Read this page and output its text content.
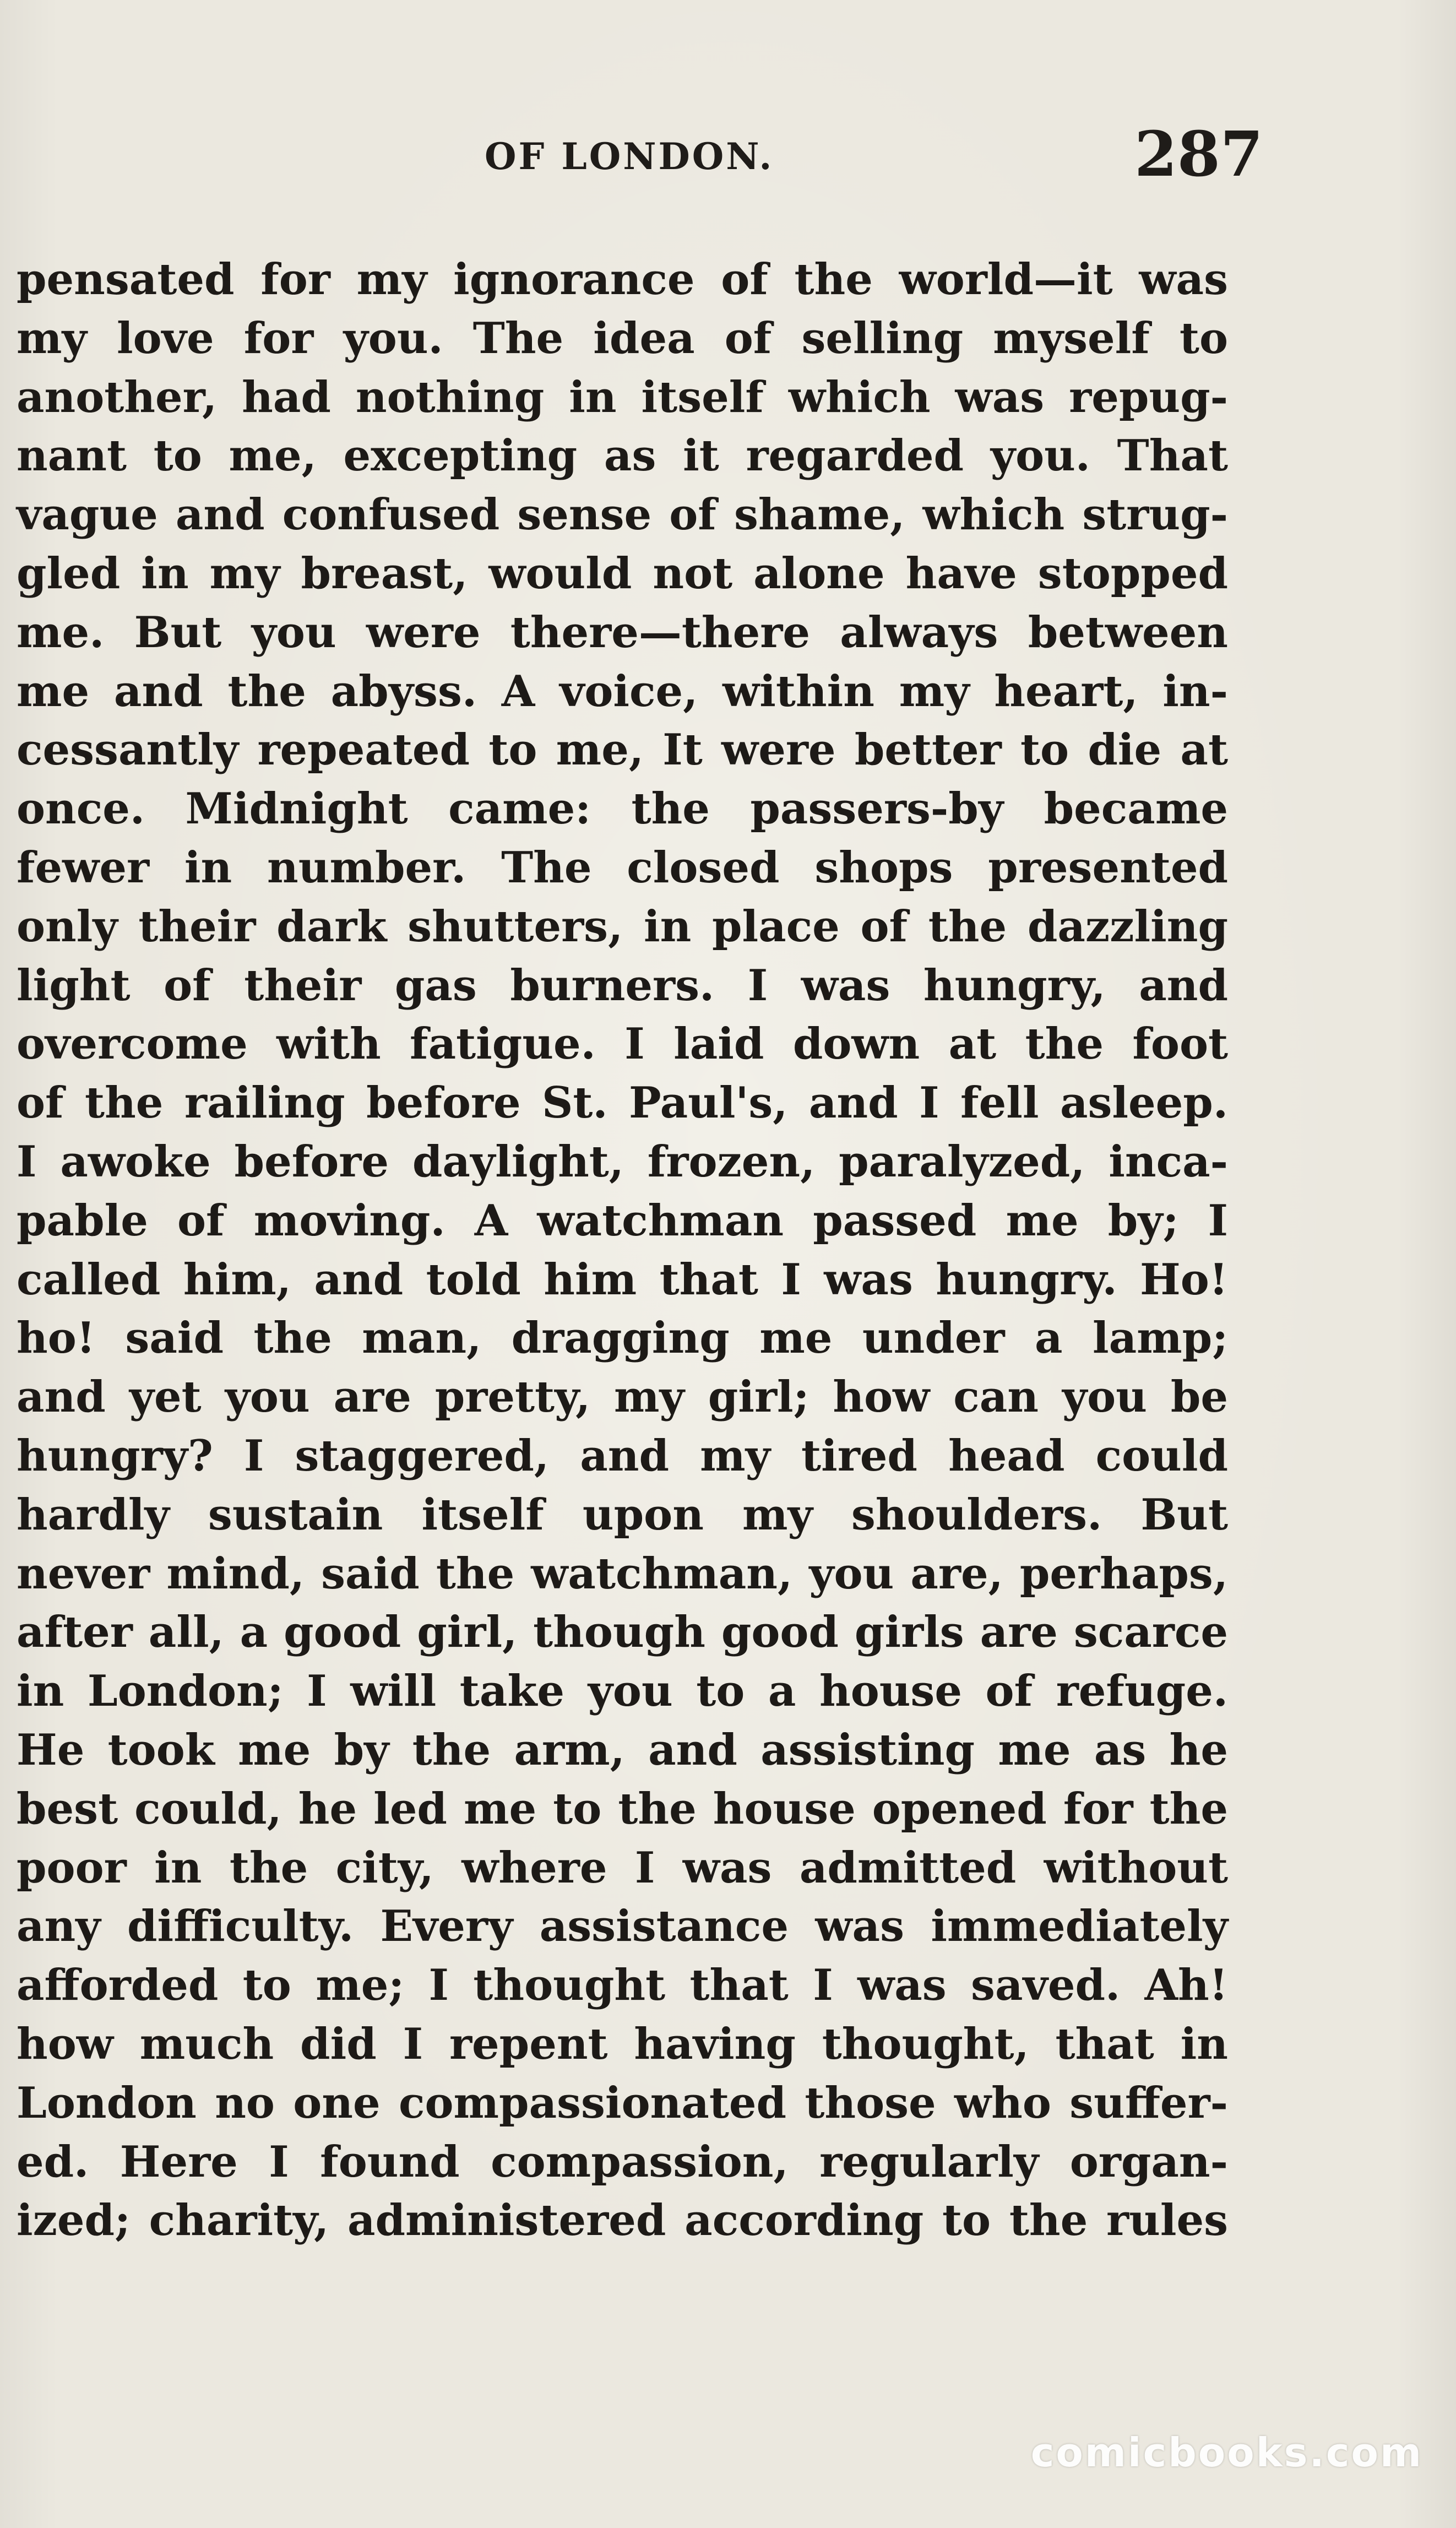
OF LONDON.	287
pensated for my ignorance of the world—it was
my love for you. The idea of selling myself to
another, had nothing in itself which was repug-
nant to me, excepting as it regarded you. That
vague and confused sense of shame, which strug-
gled in my breast, would not alone have stopped
me. But you were there—there always between
me and the abyss. A voice, within my heart, in-
cessantly repeated to me, It were better to die at
once. Midnight came: the passers-by became
fewer in number. The closed shops presented
only their dark shutters, in place of the dazzling
light of their gas burners. I was hungry, and
overcome with fatigue. I laid down at the foot
of the railing before St. Paul's, and I fell asleep.
I awoke before daylight, frozen, paralyzed, inca-
pable of moving. A watchman passed me by; I
called him, and told him that I was hungry. Ho!
ho! said the man, dragging me under a lamp;
and yet you are pretty, my girl; how can you be
hungry? I staggered, and my tired head could
hardly sustain itself upon my shoulders. But
never mind, said the watchman, you are, perhaps,
after all, a good girl, though good girls are scarce
in London; I will take you to a house of refuge.
He took me by the arm, and assisting me as he
best could, he led me to the house opened for the
poor in the city, where I was admitted without
any difficulty. Every assistance was immediately
afforded to me; I thought that I was saved. Ah!
how much did I repent having thought, that in
London no one compassionated those who suffer-
ed. Here I found compassion, regularly organ-
ized; charity, administered according to the rules
comicbooks.com
